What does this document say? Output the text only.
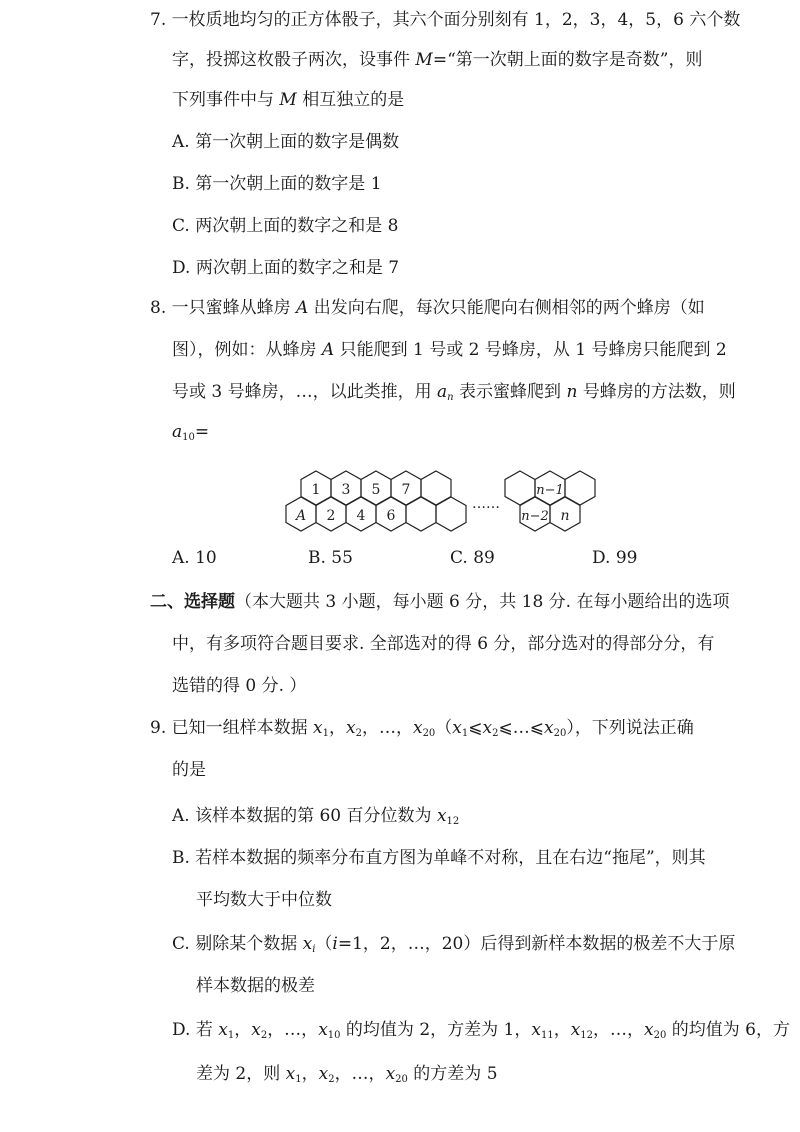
7. 一枚质地均匀的正方体骰子，其六个面分别刻有 1，2，3，4，5，6 六个数
字，投掷这枚骰子两次，设事件 M=“第一次朝上面的数字是奇数”，则
下列事件中与 M 相互独立的是
A. 第一次朝上面的数字是偶数
B. 第一次朝上面的数字是 1
C. 两次朝上面的数字之和是 8
D. 两次朝上面的数字之和是 7
8. 一只蜜蜂从蜂房 A 出发向右爬，每次只能爬向右侧相邻的两个蜂房（如
图），例如：从蜂房 A 只能爬到 1 号或 2 号蜂房，从 1 号蜂房只能爬到 2
号或 3 号蜂房，…，以此类推，用 $a_n$ 表示蜜蜂爬到 n 号蜂房的方法数，则
$a_{10}=$
1 3 5 7
A 2 4 6
……
n−1
n−2 n
A. 10	B. 55	C. 89	D. 99
二、选择题（本大题共 3 小题，每小题 6 分，共 18 分. 在每小题给出的选项
中，有多项符合题目要求. 全部选对的得 6 分，部分选对的得部分分，有
选错的得 0 分. ）
9. 已知一组样本数据 $x_1$，$x_2$，…，$x_{20}(x_1⩽x_2⩽\dots⩽x_{20})$，下列说法正确
的是
A. 该样本数据的第 60 百分位数为 $x_{12}$
B. 若样本数据的频率分布直方图为单峰不对称，且在右边“拖尾”，则其
平均数大于中位数
C. 剔除某个数据 $x_i(i=1$，2，…，20）后得到新样本数据的极差不大于原
样本数据的极差
D. 若 $x_1$，$x_2$，…，$x_{10}$ 的均值为 2，方差为 1，$x_{11}$，$x_{12}$，…，$x_{20}$ 的均值为 6，方
差为 2，则 $x_1$，$x_2$，…，$x_{20}$ 的方差为 5
